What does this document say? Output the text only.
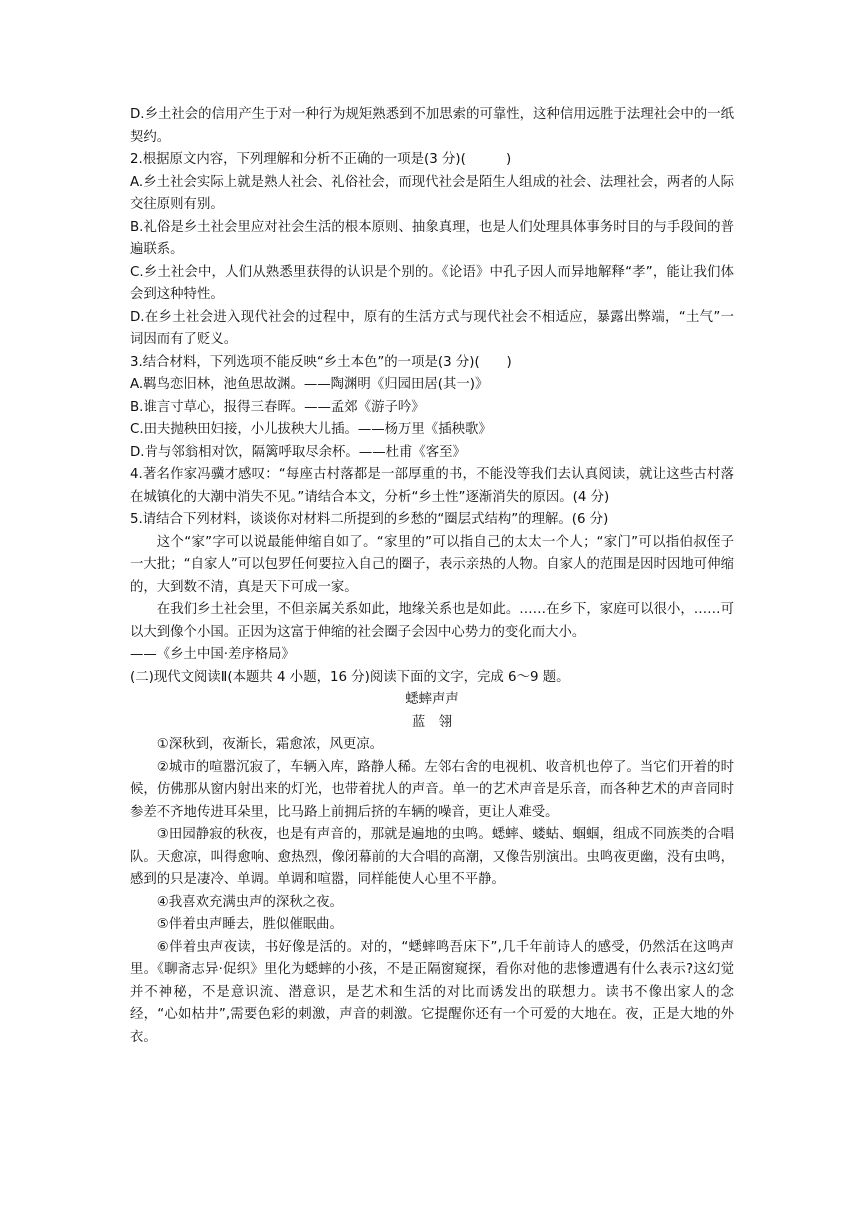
D.乡土社会的信用产生于对一种行为规矩熟悉到不加思索的可靠性，这种信用远胜于法理社会中的一纸契约。

2.根据原文内容，下列理解和分析不正确的一项是(3 分)(　　　)

A.乡土社会实际上就是熟人社会、礼俗社会，而现代社会是陌生人组成的社会、法理社会，两者的人际交往原则有别。

B.礼俗是乡土社会里应对社会生活的根本原则、抽象真理，也是人们处理具体事务时目的与手段间的普遍联系。

C.乡土社会中，人们从熟悉里获得的认识是个别的。《论语》中孔子因人而异地解释“孝”，能让我们体会到这种特性。

D.在乡土社会进入现代社会的过程中，原有的生活方式与现代社会不相适应，暴露出弊端，“土气”一词因而有了贬义。

3.结合材料，下列选项不能反映“乡土本色”的一项是(3 分)(　　)

A.羁鸟恋旧林，池鱼思故渊。——陶渊明《归园田居(其一)》

B.谁言寸草心，报得三春晖。——孟郊《游子吟》

C.田夫抛秧田妇接，小儿拔秧大儿插。——杨万里《插秧歌》

D.肯与邻翁相对饮，隔篱呼取尽余杯。——杜甫《客至》

4.著名作家冯骥才感叹：“每座古村落都是一部厚重的书，不能没等我们去认真阅读，就让这些古村落在城镇化的大潮中消失不见。”请结合本文，分析“乡土性”逐渐消失的原因。(4 分)

5.请结合下列材料，谈谈你对材料二所提到的乡愁的“圈层式结构”的理解。(6 分)

这个“家”字可以说最能伸缩自如了。“家里的”可以指自己的太太一个人；“家门”可以指伯叔侄子一大批；“自家人”可以包罗任何要拉入自己的圈子，表示亲热的人物。自家人的范围是因时因地可伸缩的，大到数不清，真是天下可成一家。

在我们乡土社会里，不但亲属关系如此，地缘关系也是如此。……在乡下，家庭可以很小，……可以大到像个小国。正因为这富于伸缩的社会圈子会因中心势力的变化而大小。

——《乡土中国·差序格局》

(二)现代文阅读Ⅱ(本题共 4 小题，16 分)阅读下面的文字，完成 6～9 题。

蟋蟀声声

蓝　翎

①深秋到，夜渐长，霜愈浓，风更凉。

②城市的喧嚣沉寂了，车辆入库，路静人稀。左邻右舍的电视机、收音机也停了。当它们开着的时候，仿佛那从窗内射出来的灯光，也带着扰人的声音。单一的艺术声音是乐音，而各种艺术的声音同时参差不齐地传进耳朵里，比马路上前拥后挤的车辆的噪音，更让人难受。

③田园静寂的秋夜，也是有声音的，那就是遍地的虫鸣。蟋蟀、蝼蛄、蝈蝈，组成不同族类的合唱队。天愈凉，叫得愈响、愈热烈，像闭幕前的大合唱的高潮，又像告别演出。虫鸣夜更幽，没有虫鸣，感到的只是凄冷、单调。单调和喧嚣，同样能使人心里不平静。

④我喜欢充满虫声的深秋之夜。

⑤伴着虫声睡去，胜似催眠曲。

⑥伴着虫声夜读，书好像是活的。对的，“蟋蟀鸣吾床下”,几千年前诗人的感受，仍然活在这鸣声里。《聊斋志异·促织》里化为蟋蟀的小孩，不是正隔窗窥探，看你对他的悲惨遭遇有什么表示?这幻觉并不神秘，不是意识流、潜意识，是艺术和生活的对比而诱发出的联想力。读书不像出家人的念经，“心如枯井”,需要色彩的刺激，声音的刺激。它提醒你还有一个可爱的大地在。夜，正是大地的外衣。
